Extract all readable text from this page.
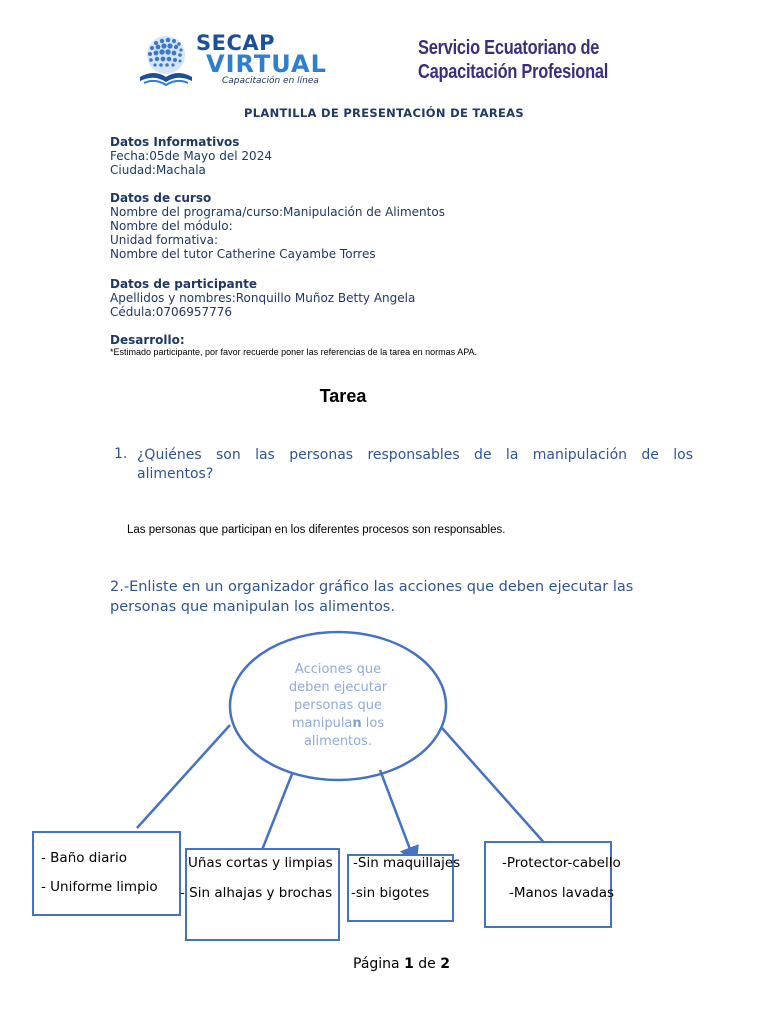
SECAP
VIRTUAL
Capacitación en línea
Servicio Ecuatoriano de
Capacitación Profesional
PLANTILLA DE PRESENTACIÓN DE TAREAS
Datos Informativos
Fecha:05de Mayo del 2024
Ciudad:Machala
Datos de curso
Nombre del programa/curso:Manipulación de Alimentos
Nombre del módulo:
Unidad formativa:
Nombre del tutor Catherine Cayambe Torres
Datos de participante
Apellidos y nombres:Ronquillo Muñoz Betty Angela
Cédula:0706957776
Desarrollo:
*Estimado participante, por favor recuerde poner las referencias de la tarea en normas APA.
Tarea
1. ¿Quiénes son las personas responsables de la manipulación de los
alimentos?
Las personas que participan en los diferentes procesos son responsables.
2.-Enliste en un organizador gráfico las acciones que deben ejecutar las
personas que manipulan los alimentos.
Acciones que
deben ejecutar
personas que
manipulan los
alimentos.
- Baño diario
- Uniforme limpio
Uñas cortas y limpias
- Sin alhajas y brochas
-Sin maquillajes
-sin bigotes
-Protector-cabello
-Manos lavadas
Página 1 de 2
